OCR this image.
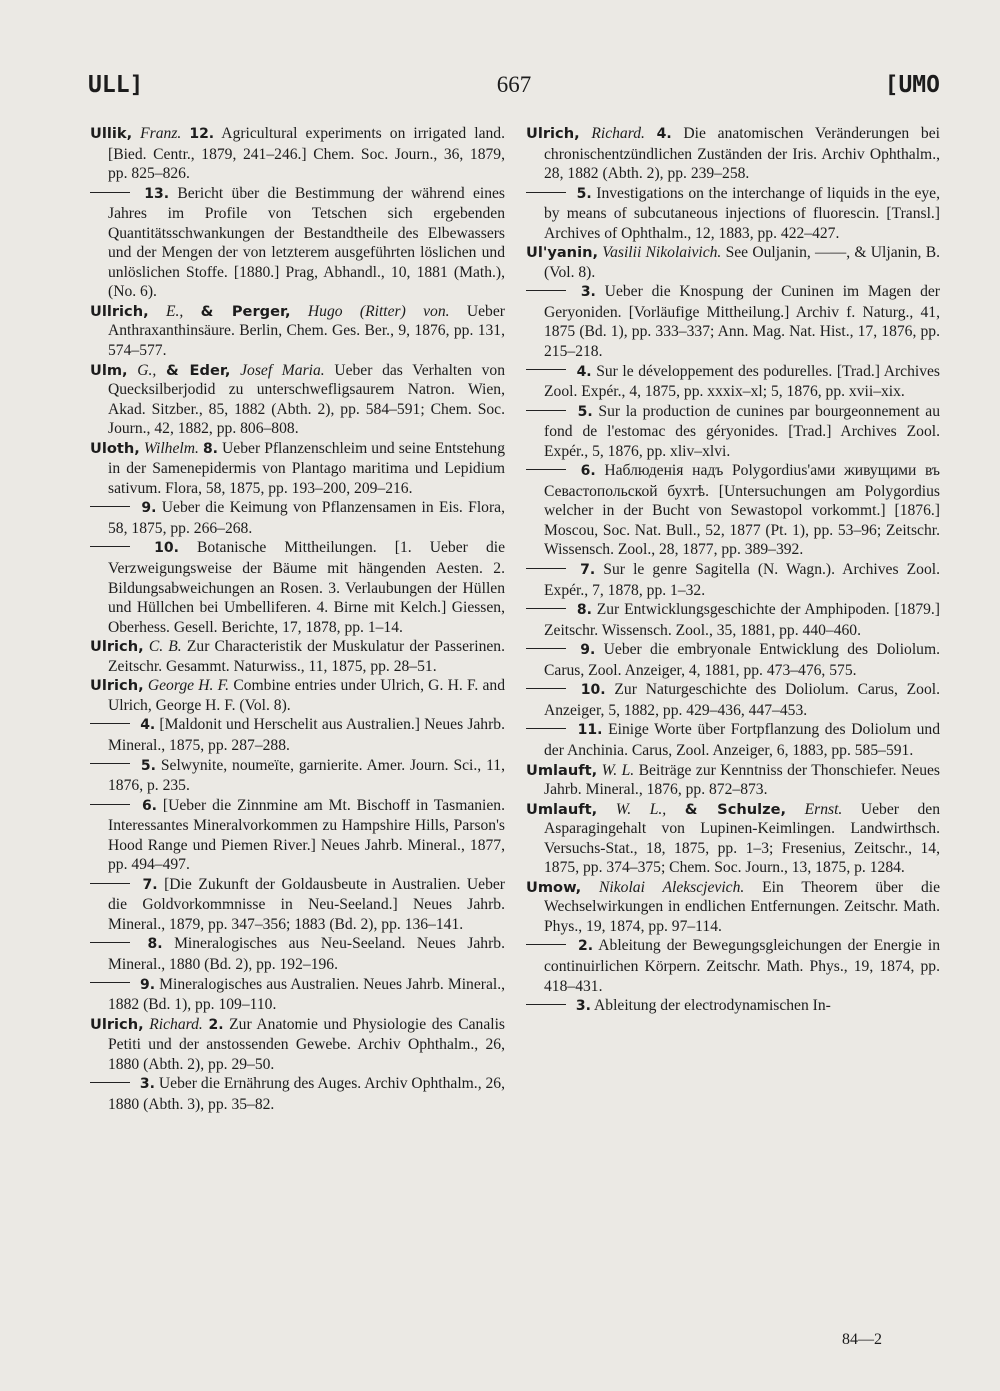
ULL]	667	[UMO
Ullik, Franz. 12. Agricultural experiments on irrigated land. [Bied. Centr., 1879, 241–246.] Chem. Soc. Journ., 36, 1879, pp. 825–826.
13. Bericht über die Bestimmung der während eines Jahres im Profile von Tetschen sich ergebenden Quantitätsschwankungen der Bestandtheile des Elbewassers und der Mengen der von letzterem ausgeführten löslichen und unlöslichen Stoffe. [1880.] Prag, Abhandl., 10, 1881 (Math.), (No. 6).
Ullrich, E., & Perger, Hugo (Ritter) von. Ueber Anthraxanthinsäure. Berlin, Chem. Ges. Ber., 9, 1876, pp. 131, 574–577.
Ulm, G., & Eder, Josef Maria. Ueber das Verhalten von Quecksilberjodid zu unterschwefligsaurem Natron. Wien, Akad. Sitzber., 85, 1882 (Abth. 2), pp. 584–591; Chem. Soc. Journ., 42, 1882, pp. 806–808.
Uloth, Wilhelm. 8. Ueber Pflanzenschleim und seine Entstehung in der Samenepidermis von Plantago maritima und Lepidium sativum. Flora, 58, 1875, pp. 193–200, 209–216.
9. Ueber die Keimung von Pflanzensamen in Eis. Flora, 58, 1875, pp. 266–268.
10. Botanische Mittheilungen. [1. Ueber die Verzweigungsweise der Bäume mit hängenden Aesten. 2. Bildungsabweichungen an Rosen. 3. Verlaubungen der Hüllen und Hüllchen bei Umbelliferen. 4. Birne mit Kelch.] Giessen, Oberhess. Gesell. Berichte, 17, 1878, pp. 1–14.
Ulrich, C. B. Zur Characteristik der Muskulatur der Passerinen. Zeitschr. Gesammt. Naturwiss., 11, 1875, pp. 28–51.
Ulrich, George H. F. Combine entries under Ulrich, G. H. F. and Ulrich, George H. F. (Vol. 8).
4. [Maldonit und Herschelit aus Australien.] Neues Jahrb. Mineral., 1875, pp. 287–288.
5. Selwynite, noumeïte, garnierite. Amer. Journ. Sci., 11, 1876, p. 235.
6. [Ueber die Zinnmine am Mt. Bischoff in Tasmanien. Interessantes Mineralvorkommen zu Hampshire Hills, Parson's Hood Range und Piemen River.] Neues Jahrb. Mineral., 1877, pp. 494–497.
7. [Die Zukunft der Goldausbeute in Australien. Ueber die Goldvorkommnisse in Neu-Seeland.] Neues Jahrb. Mineral., 1879, pp. 347–356; 1883 (Bd. 2), pp. 136–141.
8. Mineralogisches aus Neu-Seeland. Neues Jahrb. Mineral., 1880 (Bd. 2), pp. 192–196.
9. Mineralogisches aus Australien. Neues Jahrb. Mineral., 1882 (Bd. 1), pp. 109–110.
Ulrich, Richard. 2. Zur Anatomie und Physiologie des Canalis Petiti und der anstossenden Gewebe. Archiv Ophthalm., 26, 1880 (Abth. 2), pp. 29–50.
3. Ueber die Ernährung des Auges. Archiv Ophthalm., 26, 1880 (Abth. 3), pp. 35–82.
Ulrich, Richard. 4. Die anatomischen Veränderungen bei chronischentzündlichen Zuständen der Iris. Archiv Ophthalm., 28, 1882 (Abth. 2), pp. 239–258.
5. Investigations on the interchange of liquids in the eye, by means of subcutaneous injections of fluorescin. [Transl.] Archives of Ophthalm., 12, 1883, pp. 422–427.
Ul'yanin, Vasilii Nikolaivich. See Ouljanin, ——, & Uljanin, B. (Vol. 8).
3. Ueber die Knospung der Cuninen im Magen der Geryoniden. [Vorläufige Mittheilung.] Archiv f. Naturg., 41, 1875 (Bd. 1), pp. 333–337; Ann. Mag. Nat. Hist., 17, 1876, pp. 215–218.
4. Sur le développement des podurelles. [Trad.] Archives Zool. Expér., 4, 1875, pp. xxxix–xl; 5, 1876, pp. xvii–xix.
5. Sur la production de cunines par bourgeonnement au fond de l'estomac des géryonides. [Trad.] Archives Zool. Expér., 5, 1876, pp. xliv–xlvi.
6. Наблюденія надъ Polygordius'ами живущими въ Севастопольской бухтѣ. [Untersuchungen am Polygordius welcher in der Bucht von Sewastopol vorkommt.] [1876.] Moscou, Soc. Nat. Bull., 52, 1877 (Pt. 1), pp. 53–96; Zeitschr. Wissensch. Zool., 28, 1877, pp. 389–392.
7. Sur le genre Sagitella (N. Wagn.). Archives Zool. Expér., 7, 1878, pp. 1–32.
8. Zur Entwicklungsgeschichte der Amphipoden. [1879.] Zeitschr. Wissensch. Zool., 35, 1881, pp. 440–460.
9. Ueber die embryonale Entwicklung des Doliolum. Carus, Zool. Anzeiger, 4, 1881, pp. 473–476, 575.
10. Zur Naturgeschichte des Doliolum. Carus, Zool. Anzeiger, 5, 1882, pp. 429–436, 447–453.
11. Einige Worte über Fortpflanzung des Doliolum und der Anchinia. Carus, Zool. Anzeiger, 6, 1883, pp. 585–591.
Umlauft, W. L. Beiträge zur Kenntniss der Thonschiefer. Neues Jahrb. Mineral., 1876, pp. 872–873.
Umlauft, W. L., & Schulze, Ernst. Ueber den Asparagingehalt von Lupinen-Keimlingen. Landwirthsch. Versuchs-Stat., 18, 1875, pp. 1–3; Fresenius, Zeitschr., 14, 1875, pp. 374–375; Chem. Soc. Journ., 13, 1875, p. 1284.
Umow, Nikolai Alekscjevich. Ein Theorem über die Wechselwirkungen in endlichen Entfernungen. Zeitschr. Math. Phys., 19, 1874, pp. 97–114.
2. Ableitung der Bewegungsgleichungen der Energie in continuirlichen Körpern. Zeitschr. Math. Phys., 19, 1874, pp. 418–431.
3. Ableitung der electrodynamischen In-
84—2
